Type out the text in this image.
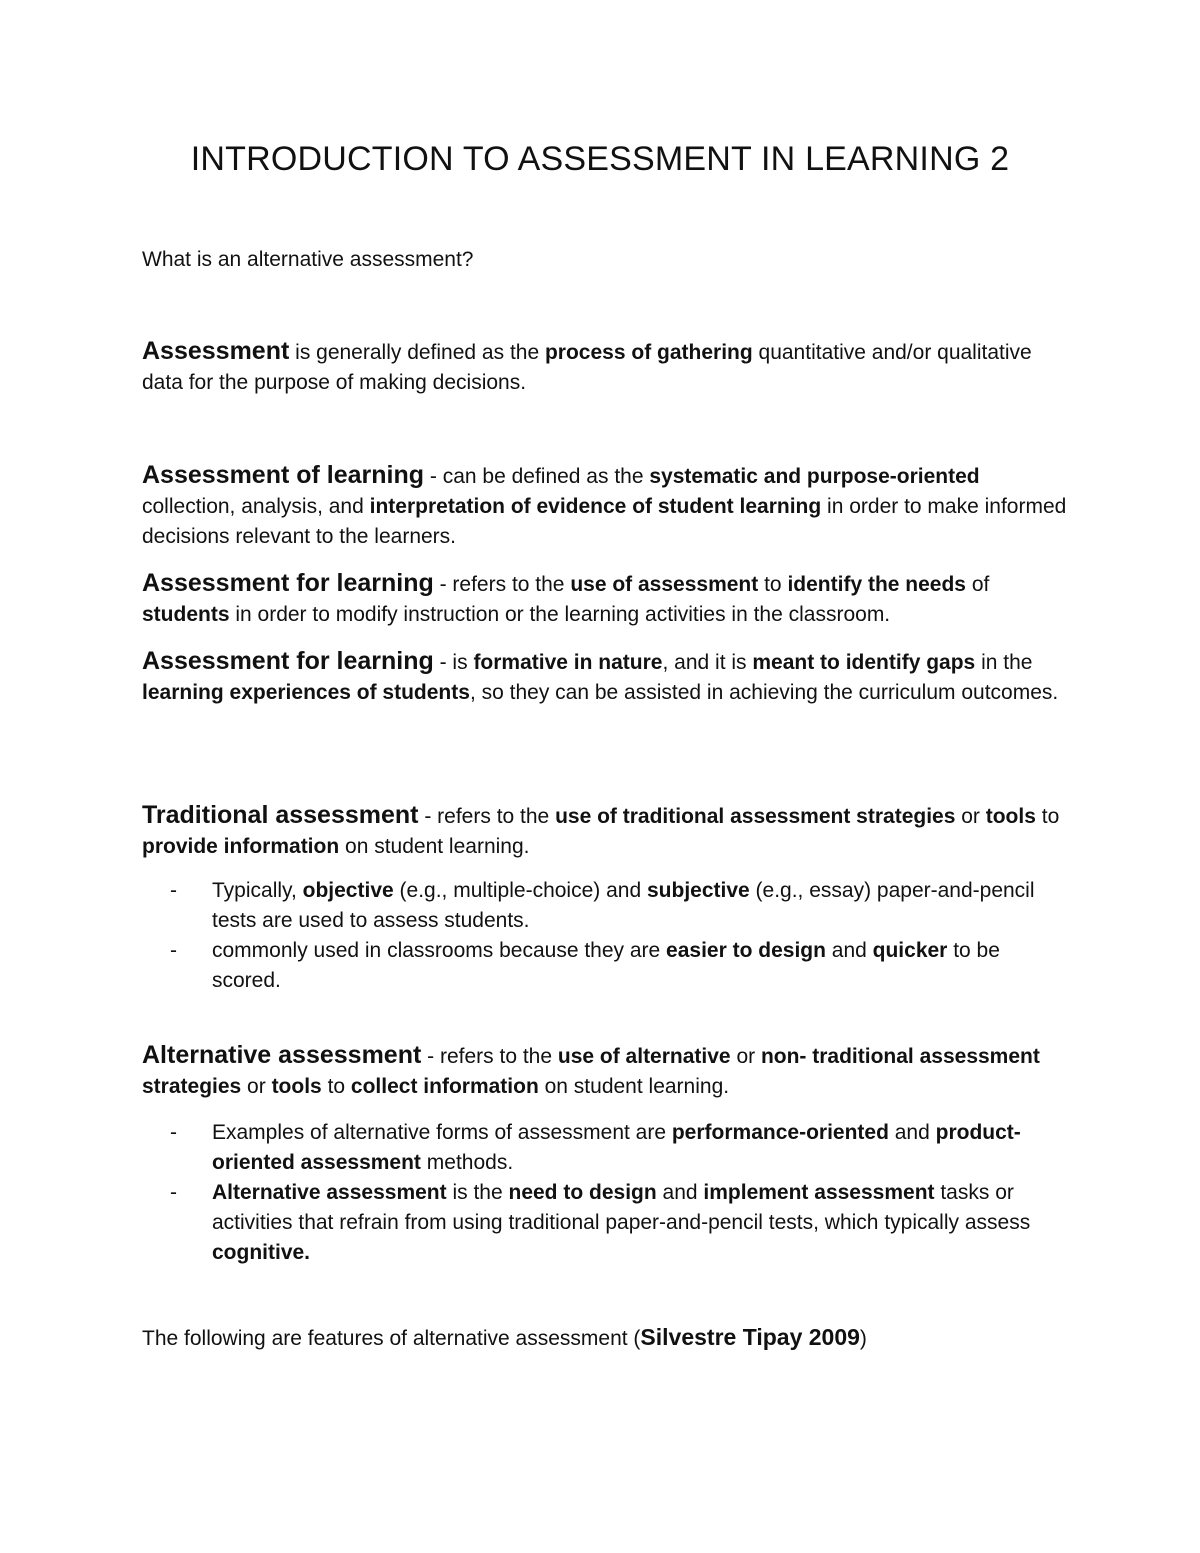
INTRODUCTION TO ASSESSMENT IN LEARNING 2
What is an alternative assessment?
Assessment is generally defined as the process of gathering quantitative and/or qualitative data for the purpose of making decisions.
Assessment of learning - can be defined as the systematic and purpose-oriented collection, analysis, and interpretation of evidence of student learning in order to make informed decisions relevant to the learners.
Assessment for learning - refers to the use of assessment to identify the needs of students in order to modify instruction or the learning activities in the classroom.
Assessment for learning - is formative in nature, and it is meant to identify gaps in the learning experiences of students, so they can be assisted in achieving the curriculum outcomes.
Traditional assessment - refers to the use of traditional assessment strategies or tools to provide information on student learning.
- Typically, objective (e.g., multiple-choice) and subjective (e.g., essay) paper-and-pencil tests are used to assess students.
- commonly used in classrooms because they are easier to design and quicker to be scored.
Alternative assessment - refers to the use of alternative or non- traditional assessment strategies or tools to collect information on student learning.
- Examples of alternative forms of assessment are performance-oriented and product-oriented assessment methods.
- Alternative assessment is the need to design and implement assessment tasks or activities that refrain from using traditional paper-and-pencil tests, which typically assess cognitive.
The following are features of alternative assessment (Silvestre Tipay 2009)
